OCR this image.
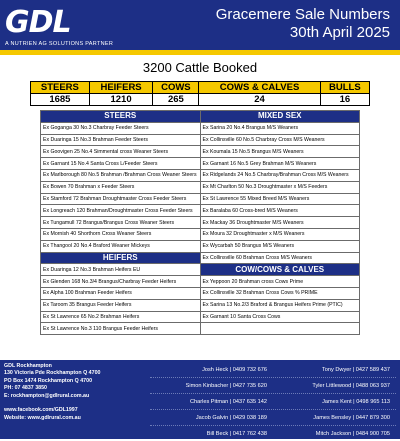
GDL
A NUTRIEN AG SOLUTIONS PARTNER
Gracemere Sale Numbers
30th April 2025
3200 Cattle Booked
STEERS	HEIFERS	COWS	COWS & CALVES	BULLS
1685	1210	265	24	16
STEERS	MIXED SEX
Ex Goganga 30 No.3 Charbray Feeder Steers	Ex Sarina 20 No.4 Brangus M/S Weaners
Ex Duaringa 15 No.3 Brahman Feeder Steers	Ex Collinsville 60 No.5 Charbray Cross M/S Weaners
Ex Goovigen 25 No.4 Simmental cross Weaner Steers	Ex Koumala 15 No.5 Brangus M/S Weaners
Ex Garnant 15 No.4 Santa Cross L/Feeder Steers	Ex Garnant 16 No.5 Grey Brahman M/S Weaners
Ex Marlborough 80 No.5 Brahman /Brahman Cross Weaner Steers	Ex Ridgelands 24 No.5 Charbray/Brahman Cross M/S Weaners
Ex Bowen 70 Brahman x Feeder Steers	Ex Mt Charlton 50 No.3 Droughtmaster x M/S Feeders
Ex Stamford 72 Brahman Droughtmaster Cross Feeder Steers	Ex St Lawrence 55 Mixed Breed M/S Weaners
Ex Longreach 120 Brahman/Droughtmaster Cross Feeder Steers	Ex Baralaba 60 Cross-bred M/S Weaners
Ex Tungamull 72 Brangus/Brangus Cross Weaner Steers	Ex Mackay 36 Droughtmaster M/S Weaners
Ex Mornish 40 Shorthorn Cross Weaner Steers	Ex Moura 32 Droughtmaster x M/S Weaners
Ex Thangool 20 No.4 Braford Weaner Mickeys	Ex Wycarbah 50 Brangus M/S Weaners
HEIFERS	Ex Collinsville 60 Brahman Cross M/S Weaners
Ex Duaringa 12 No.3 Brahman Heifers EU	COW/COWS & CALVES
Ex Glenden 168 No.3/4 Brangus/Charbray Feeder Heifers	Ex Yeppoon 20 Brahman cross Cows Prime
Ex Alpha 100 Brahman Feeder Heifers	Ex Collinsville 32 Brahman Cross Cows % PRIME
Ex Taroom 35 Brangus Feeder Heifers	Ex Sarina 13 No.2/3 Braford & Brangus Heifers Prime (PTIC)
Ex St Lawrence 65 No.2 Brahman Heifers	Ex Garnant 10 Santa Cross Cows
Ex St Lawrence No.3 110 Brangus Feeder Heifers	
GDL Rockhampton
130 Victoria Pde Rockhampton Q 4700
PO Box 1474 Rockhampton Q 4700
PH: 07 4837 3850
E: rockhampton@gdlrural.com.au

www.facebook.com/GDL1997
Website: www.gdlrural.com.au
Josh Heck | 0409 732 676	Tony Dwyer | 0427 589 437
Simon Kinbacher | 0427 735 620	Tyler Littlewood | 0488 063 937
Charles Pitman | 0437 635 142	James Kent | 0498 965 113
Jacob Galvin | 0429 038 189	James Bensley | 0447 879 300
Bill Beck | 0417 762 438	Mitch Jackson | 0484 900 705
